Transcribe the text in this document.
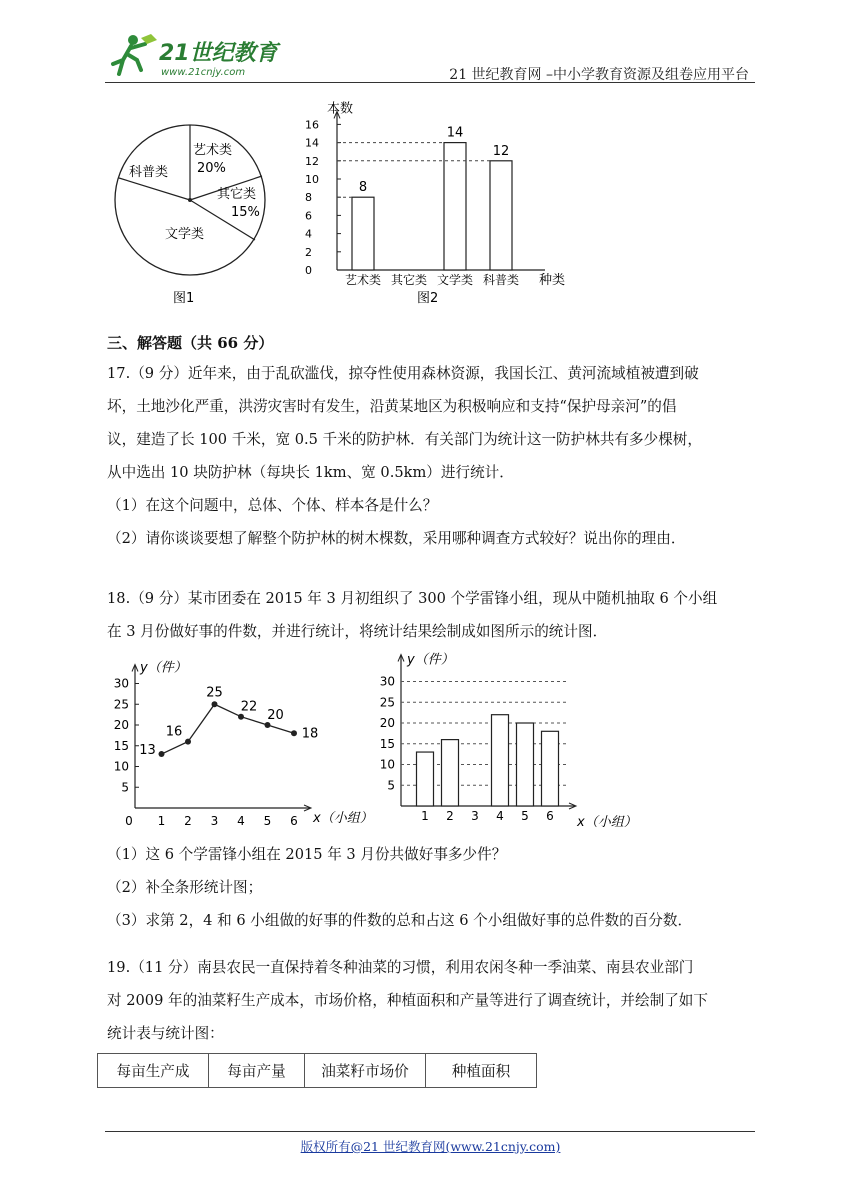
21世纪教育
www.21cnjy.com	21 世纪教育网 –中小学教育资源及组卷应用平台
艺术类
20%
其它类
15%
文学类
科普类
图1
本数
种类
0
2
4
6
8
10
12
14
16
艺术类
8
其它类 文学类
14
科普类
12
图2
三、解答题（共 66 分）

17.（9 分）近年来，由于乱砍滥伐，掠夺性使用森林资源，我国长江、黄河流域植被遭到破

坏，土地沙化严重，洪涝灾害时有发生，沿黄某地区为积极响应和支持“保护母亲河”的倡

议，建造了长 100 千米，宽 0.5 千米的防护林．有关部门为统计这一防护林共有多少棵树，

从中选出 10 块防护林（每块长 1km、宽 0.5km）进行统计．

（1）在这个问题中，总体、个体、样本各是什么？

（2）请你谈谈要想了解整个防护林的树木棵数，采用哪种调查方式较好？说出你的理由．

18.（9 分）某市团委在 2015 年 3 月初组织了 300 个学雷锋小组，现从中随机抽取 6 个小组

在 3 月份做好事的件数，并进行统计，将统计结果绘制成如图所示的统计图．

y（件）
x（小组）
5
10
15
20
25
30
0 1 2 3 4 5 6
13
16
25
22
20
18
y（件）
x（小组）
5
10
15
20
25
30
1 2 3 4 5 6

（1）这 6 个学雷锋小组在 2015 年 3 月份共做好事多少件？

（2）补全条形统计图；

（3）求第 2，4 和 6 小组做的好事的件数的总和占这 6 个小组做好事的总件数的百分数．

19.（11 分）南县农民一直保持着冬种油菜的习惯，利用农闲冬种一季油菜、南县农业部门

对 2009 年的油菜籽生产成本，市场价格，种植面积和产量等进行了调查统计，并绘制了如下

统计表与统计图：

每亩生产成	每亩产量	油菜籽市场价	种植面积
版权所有@21 世纪教育网(www.21cnjy.com)
